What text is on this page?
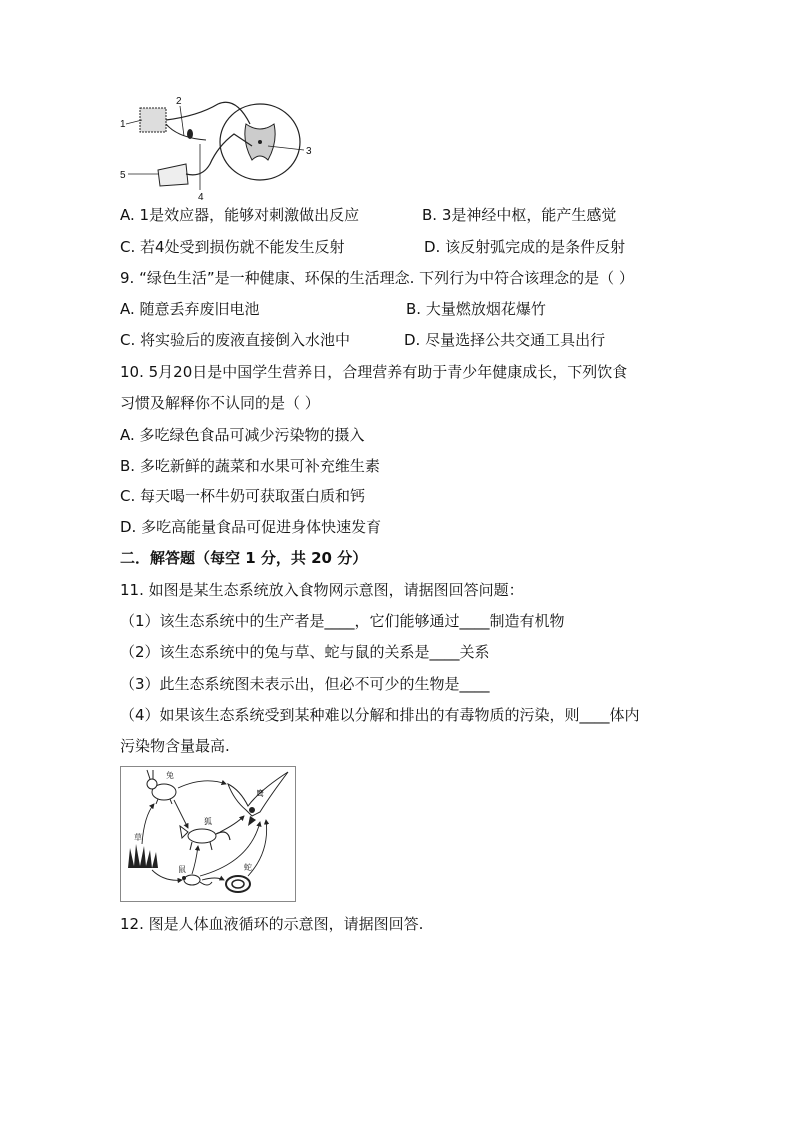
1
2
3
4
5
A. 1是效应器，能够对刺激做出反应	B. 3是神经中枢，能产生感觉
C. 若4处受到损伤就不能发生反射	D. 该反射弧完成的是条件反射
9. “绿色生活”是一种健康、环保的生活理念. 下列行为中符合该理念的是（ ）
A. 随意丢弃废旧电池	B. 大量燃放烟花爆竹
C. 将实验后的废液直接倒入水池中	D. 尽量选择公共交通工具出行
10. 5月20日是中国学生营养日，合理营养有助于青少年健康成长，下列饮食
习惯及解释你不认同的是（ ）
A. 多吃绿色食品可减少污染物的摄入
B. 多吃新鲜的蔬菜和水果可补充维生素
C. 每天喝一杯牛奶可获取蛋白质和钙
D. 多吃高能量食品可促进身体快速发育
二．解答题（每空 1 分，共 20 分）
11. 如图是某生态系统放入食物网示意图，请据图回答问题：
（1）该生态系统中的生产者是____，它们能够通过____制造有机物
（2）该生态系统中的兔与草、蛇与鼠的关系是____关系
（3）此生态系统图未表示出，但必不可少的生物是____
（4）如果该生态系统受到某种难以分解和排出的有毒物质的污染，则____体内
污染物含量最高.
兔
鹰
狐
草
鼠	蛇
12. 图是人体血液循环的示意图，请据图回答.
